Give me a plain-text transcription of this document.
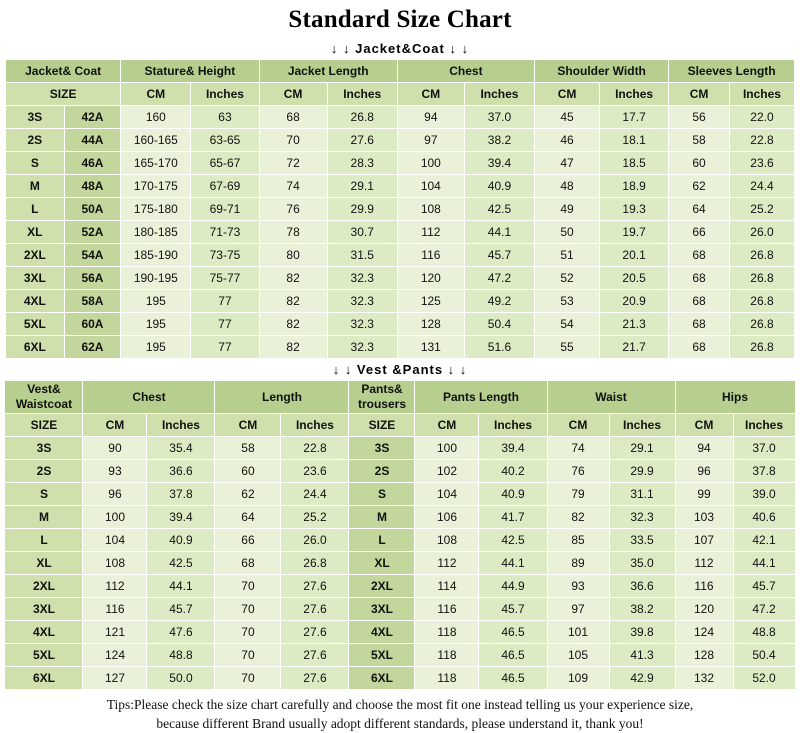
Standard Size Chart
↓ ↓ Jacket&Coat ↓ ↓
Jacket& Coat		Stature& Height		Jacket Length		Chest		Shoulder Width		Sleeves Length	
SIZE		CM	Inches	CM	Inches	CM	Inches	CM	Inches	CM	Inches
3S	42A	160	63	68	26.8	94	37.0	45	17.7	56	22.0
2S	44A	160-165	63-65	70	27.6	97	38.2	46	18.1	58	22.8
S	46A	165-170	65-67	72	28.3	100	39.4	47	18.5	60	23.6
M	48A	170-175	67-69	74	29.1	104	40.9	48	18.9	62	24.4
L	50A	175-180	69-71	76	29.9	108	42.5	49	19.3	64	25.2
XL	52A	180-185	71-73	78	30.7	112	44.1	50	19.7	66	26.0
2XL	54A	185-190	73-75	80	31.5	116	45.7	51	20.1	68	26.8
3XL	56A	190-195	75-77	82	32.3	120	47.2	52	20.5	68	26.8
4XL	58A	195	77	82	32.3	125	49.2	53	20.9	68	26.8
5XL	60A	195	77	82	32.3	128	50.4	54	21.3	68	26.8
6XL	62A	195	77	82	32.3	131	51.6	55	21.7	68	26.8
↓ ↓ Vest &Pants ↓ ↓
Vest& Waistcoat	Chest		Length		Pants& trousers	Pants Length		Waist		Hips	
SIZE	CM	Inches	CM	Inches	SIZE	CM	Inches	CM	Inches	CM	Inches
3S	90	35.4	58	22.8	3S	100	39.4	74	29.1	94	37.0
2S	93	36.6	60	23.6	2S	102	40.2	76	29.9	96	37.8
S	96	37.8	62	24.4	S	104	40.9	79	31.1	99	39.0
M	100	39.4	64	25.2	M	106	41.7	82	32.3	103	40.6
L	104	40.9	66	26.0	L	108	42.5	85	33.5	107	42.1
XL	108	42.5	68	26.8	XL	112	44.1	89	35.0	112	44.1
2XL	112	44.1	70	27.6	2XL	114	44.9	93	36.6	116	45.7
3XL	116	45.7	70	27.6	3XL	116	45.7	97	38.2	120	47.2
4XL	121	47.6	70	27.6	4XL	118	46.5	101	39.8	124	48.8
5XL	124	48.8	70	27.6	5XL	118	46.5	105	41.3	128	50.4
6XL	127	50.0	70	27.6	6XL	118	46.5	109	42.9	132	52.0
Tips:Please check the size chart carefully and choose the most fit one instead telling us your experience size,
because different Brand usually adopt different standards, please understand it, thank you!
